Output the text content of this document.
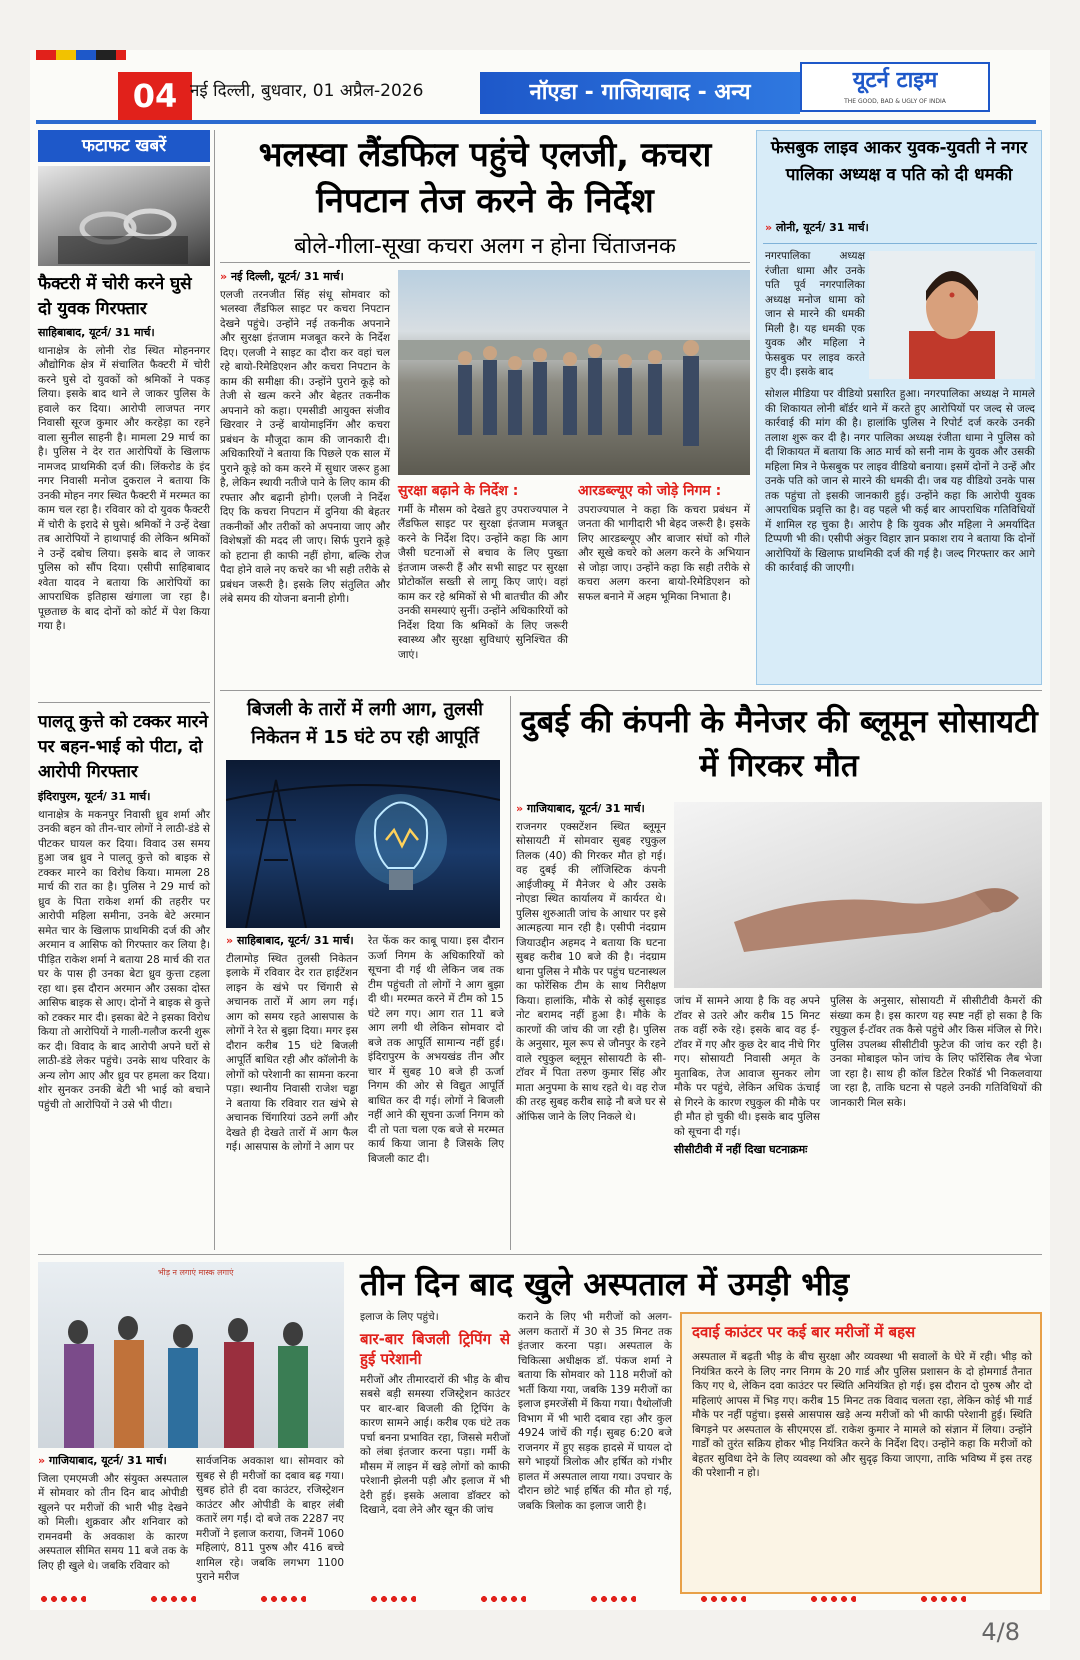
04 नई दिल्ली, बुधवार, 01 अप्रैल-2026	नॉएडा - गाजियाबाद - अन्य	यूटर्न टाइम
THE GOOD, BAD & UGLY OF INDIA
फटाफट खबरें
फैक्टरी में चोरी करने घुसे दो युवक गिरफ्तार
साहिबाबाद, यूटर्न/ 31 मार्च।

थानाक्षेत्र के लोनी रोड स्थित मोहननगर औद्योगिक क्षेत्र में संचालित फैक्टरी में चोरी करने घुसे दो युवकों को श्रमिकों ने पकड़ लिया। इसके बाद थाने ले जाकर पुलिस के हवाले कर दिया। आरोपी लाजपत नगर निवासी सूरज कुमार और करहेड़ा का रहने वाला सुनील साहनी है। मामला 29 मार्च का है। पुलिस ने देर रात आरोपियों के खिलाफ नामजद प्राथमिकी दर्ज की। लिंकरोड के इंद नगर निवासी मनोज दुकराल ने बताया कि उनकी मोहन नगर स्थित फैक्टरी में मरम्मत का काम चल रहा है। रविवार को दो युवक फैक्टरी में चोरी के इरादे से घुसे। श्रमिकों ने उन्हें देखा तब आरोपियों ने हाथापाई की लेकिन श्रमिकों ने उन्हें दबोच लिया। इसके बाद ले जाकर पुलिस को सौंप दिया। एसीपी साहिबाबाद श्वेता यादव ने बताया कि आरोपियों का आपराधिक इतिहास खंगाला जा रहा है। पूछताछ के बाद दोनों को कोर्ट में पेश किया गया है।

पालतू कुत्ते को टक्कर मारने पर बहन-भाई को पीटा, दो आरोपी गिरफ्तार
इंदिरापुरम, यूटर्न/ 31 मार्च।

थानाक्षेत्र के मकनपुर निवासी ध्रुव शर्मा और उनकी बहन को तीन-चार लोगों ने लाठी-डंडे से पीटकर घायल कर दिया। विवाद उस समय हुआ जब ध्रुव ने पालतू कुत्ते को बाइक से टक्कर मारने का विरोध किया। मामला 28 मार्च की रात का है। पुलिस ने 29 मार्च को ध्रुव के पिता राकेश शर्मा की तहरीर पर आरोपी महिला समीना, उनके बेटे अरमान समेत चार के खिलाफ प्राथमिकी दर्ज की और अरमान व आसिफ को गिरफ्तार कर लिया है। पीड़ित राकेश शर्मा ने बताया 28 मार्च की रात घर के पास ही उनका बेटा ध्रुव कुत्ता टहला रहा था। इस दौरान अरमान और उसका दोस्त आसिफ बाइक से आए। दोनों ने बाइक से कुत्ते को टक्कर मार दी। इसका बेटे ने इसका विरोध किया तो आरोपियों ने गाली-गलौज करनी शुरू कर दी। विवाद के बाद आरोपी अपने घरों से लाठी-डंडे लेकर पहुंचे। उनके साथ परिवार के अन्य लोग आए और ध्रुव पर हमला कर दिया। शोर सुनकर उनकी बेटी भी भाई को बचाने पहुंची तो आरोपियों ने उसे भी पीटा।

भलस्वा लैंडफिल पहुंचे एलजी, कचरा निपटान तेज करने के निर्देश
बोले-गीला-सूखा कचरा अलग न होना चिंताजनक
» नई दिल्ली, यूटर्न/ 31 मार्च।

एलजी तरनजीत सिंह संधू सोमवार को भलस्वा लैंडफिल साइट पर कचरा निपटान देखने पहुंचे। उन्होंने नई तकनीक अपनाने और सुरक्षा इंतजाम मजबूत करने के निर्देश दिए। एलजी ने साइट का दौरा कर वहां चल रहे बायो-रिमेडिएशन और कचरा निपटान के काम की समीक्षा की। उन्होंने पुराने कूड़े को तेजी से खत्म करने और बेहतर तकनीक अपनाने को कहा। एमसीडी आयुक्त संजीव खिरवार ने उन्हें बायोमाइनिंग और कचरा प्रबंधन के मौजूदा काम की जानकारी दी। अधिकारियों ने बताया कि पिछले एक साल में पुराने कूड़े को कम करने में सुधार जरूर हुआ है, लेकिन स्थायी नतीजे पाने के लिए काम की रफ्तार और बढ़ानी होगी। एलजी ने निर्देश दिए कि कचरा निपटान में दुनिया की बेहतर तकनीकों और तरीकों को अपनाया जाए और विशेषज्ञों की मदद ली जाए। सिर्फ पुराने कूड़े को हटाना ही काफी नहीं होगा, बल्कि रोज पैदा होने वाले नए कचरे का भी सही तरीके से प्रबंधन जरूरी है। इसके लिए संतुलित और लंबे समय की योजना बनानी होगी।

सुरक्षा बढ़ाने के निर्देश :

गर्मी के मौसम को देखते हुए उपराज्यपाल ने लैंडफिल साइट पर सुरक्षा इंतजाम मजबूत करने के निर्देश दिए। उन्होंने कहा कि आग जैसी घटनाओं से बचाव के लिए पुख्ता इंतजाम जरूरी हैं और सभी साइट पर सुरक्षा प्रोटोकॉल सख्ती से लागू किए जाएं। वहां काम कर रहे श्रमिकों से भी बातचीत की और उनकी समस्याएं सुनीं। उन्होंने अधिकारियों को निर्देश दिया कि श्रमिकों के लिए जरूरी स्वास्थ्य और सुरक्षा सुविधाएं सुनिश्चित की जाएं।

आरडब्ल्यूए को जोड़े निगम :

उपराज्यपाल ने कहा कि कचरा प्रबंधन में जनता की भागीदारी भी बेहद जरूरी है। इसके लिए आरडब्ल्यूए और बाजार संघों को गीले और सूखे कचरे को अलग करने के अभियान से जोड़ा जाए। उन्होंने कहा कि सही तरीके से कचरा अलग करना बायो-रिमेडिएशन को सफल बनाने में अहम भूमिका निभाता है।

फेसबुक लाइव आकर युवक-युवती ने नगर पालिका अध्यक्ष व पति को दी धमकी
» लोनी, यूटर्न/ 31 मार्च।

नगरपालिका अध्यक्ष रंजीता धामा और उनके पति पूर्व नगरपालिका अध्यक्ष मनोज धामा को जान से मारने की धमकी मिली है। यह धमकी एक युवक और महिला ने फेसबुक पर लाइव करते हुए दी। इसके बाद

सोशल मीडिया पर वीडियो प्रसारित हुआ। नगरपालिका अध्यक्ष ने मामले की शिकायत लोनी बॉर्डर थाने में करते हुए आरोपियों पर जल्द से जल्द कार्रवाई की मांग की है। हालांकि पुलिस ने रिपोर्ट दर्ज करके उनकी तलाश शुरू कर दी है। नगर पालिका अध्यक्ष रंजीता धामा ने पुलिस को दी शिकायत में बताया कि आठ मार्च को सनी नाम के युवक और उसकी महिला मित्र ने फेसबुक पर लाइव वीडियो बनाया। इसमें दोनों ने उन्हें और उनके पति को जान से मारने की धमकी दी। जब यह वीडियो उनके पास तक पहुंचा तो इसकी जानकारी हुई। उन्होंने कहा कि आरोपी युवक आपराधिक प्रवृत्ति का है। वह पहले भी कई बार आपराधिक गतिविधियों में शामिल रह चुका है। आरोप है कि युवक और महिला ने अमर्यादित टिप्पणी भी की। एसीपी अंकुर विहार ज्ञान प्रकाश राय ने बताया कि दोनों आरोपियों के खिलाफ प्राथमिकी दर्ज की गई है। जल्द गिरफ्तार कर आगे की कार्रवाई की जाएगी।

बिजली के तारों में लगी आग, तुलसी निकेतन में 15 घंटे ठप रही आपूर्ति
» साहिबाबाद, यूटर्न/ 31 मार्च।

टीलामोड़ स्थित तुलसी निकेतन इलाके में रविवार देर रात हाईटेंशन लाइन के खंभे पर चिंगारी से अचानक तारों में आग लग गई। आग को समय रहते आसपास के लोगों ने रेत से बुझा दिया। मगर इस दौरान करीब 15 घंटे बिजली आपूर्ति बाधित रही और कॉलोनी के लोगों को परेशानी का सामना करना पड़ा। स्थानीय निवासी राजेश चड्ढा ने बताया कि रविवार रात खंभे से अचानक चिंगारियां उठने लगीं और देखते ही देखते तारों में आग फैल गई। आसपास के लोगों ने आग पर

रेत फेंक कर काबू पाया। इस दौरान ऊर्जा निगम के अधिकारियों को सूचना दी गई थी लेकिन जब तक टीम पहुंचती तो लोगों ने आग बुझा दी थी। मरम्मत करने में टीम को 15 घंटे लग गए। आग रात 11 बजे आग लगी थी लेकिन सोमवार दो बजे तक आपूर्ति सामान्य नहीं हुई। इंदिरापुरम के अभयखंड तीन और चार में सुबह 10 बजे ही ऊर्जा निगम की ओर से विद्युत आपूर्ति बाधित कर दी गई। लोगों ने बिजली नहीं आने की सूचना ऊर्जा निगम को दी तो पता चला एक बजे से मरम्मत कार्य किया जाना है जिसके लिए बिजली काट दी।

दुबई की कंपनी के मैनेजर की ब्लूमून सोसायटी में गिरकर मौत
» गाजियाबाद, यूटर्न/ 31 मार्च।

राजनगर एक्सटेंशन स्थित ब्लूमून सोसायटी में सोमवार सुबह रघुकुल तिलक (40) की गिरकर मौत हो गई। वह दुबई की लॉजिस्टिक कंपनी आईजीक्यू में मैनेजर थे और उसके नोएडा स्थित कार्यालय में कार्यरत थे। पुलिस शुरुआती जांच के आधार पर इसे आत्महत्या मान रही है। एसीपी नंदग्राम जियाउद्दीन अहमद ने बताया कि घटना सुबह करीब 10 बजे की है। नंदग्राम थाना पुलिस ने मौके पर पहुंच घटनास्थल का फोरेंसिक टीम के साथ निरीक्षण किया। हालांकि, मौके से कोई सुसाइड नोट बरामद नहीं हुआ है। मौके के कारणों की जांच की जा रही है। पुलिस के अनुसार, मूल रूप से जौनपुर के रहने वाले रघुकुल ब्लूमून सोसायटी के सी-टॉवर में पिता तरुण कुमार सिंह और माता अनुपमा के साथ रहते थे। वह रोज की तरह सुबह करीब साढ़े नौ बजे घर से ऑफिस जाने के लिए निकले थे।

जांच में सामने आया है कि वह अपने टॉवर से उतरे और करीब 15 मिनट तक वहीं रुके रहे। इसके बाद वह ई-टॉवर में गए और कुछ देर बाद नीचे गिर गए। सोसायटी निवासी अमृत के मुताबिक, तेज आवाज सुनकर लोग मौके पर पहुंचे, लेकिन अधिक ऊंचाई से गिरने के कारण रघुकुल की मौके पर ही मौत हो चुकी थी। इसके बाद पुलिस को सूचना दी गई।

सीसीटीवी में नहीं दिखा घटनाक्रमः

पुलिस के अनुसार, सोसायटी में सीसीटीवी कैमरों की संख्या कम है। इस कारण यह स्पष्ट नहीं हो सका है कि रघुकुल ई-टॉवर तक कैसे पहुंचे और किस मंजिल से गिरे। पुलिस उपलब्ध सीसीटीवी फुटेज की जांच कर रही है। उनका मोबाइल फोन जांच के लिए फॉरेंसिक लैब भेजा जा रहा है। साथ ही कॉल डिटेल रिकॉर्ड भी निकलवाया जा रहा है, ताकि घटना से पहले उनकी गतिविधियों की जानकारी मिल सके।

भीड़ न लगाएं मास्क लगाएं	तीन दिन बाद खुले अस्पताल में उमड़ी भीड़
» गाजियाबाद, यूटर्न/ 31 मार्च।

जिला एमएमजी और संयुक्त अस्पताल में सोमवार को तीन दिन बाद ओपीडी खुलने पर मरीजों की भारी भीड़ देखने को मिली। शुक्रवार और शनिवार को रामनवमी के अवकाश के कारण अस्पताल सीमित समय 11 बजे तक के लिए ही खुले थे। जबकि रविवार को

सार्वजनिक अवकाश था। सोमवार को सुबह से ही मरीजों का दबाव बढ़ गया। सुबह होते ही दवा काउंटर, रजिस्ट्रेशन काउंटर और ओपीडी के बाहर लंबी कतारें लग गईं। दो बजे तक 2287 नए मरीजों ने इलाज कराया, जिनमें 1060 महिलाएं, 811 पुरुष और 416 बच्चे शामिल रहे। जबकि लगभग 1100 पुराने मरीज

इलाज के लिए पहुंचे।

बार-बार बिजली ट्रिपिंग से हुई परेशानी

मरीजों और तीमारदारों की भीड़ के बीच सबसे बड़ी समस्या रजिस्ट्रेशन काउंटर पर बार-बार बिजली की ट्रिपिंग के कारण सामने आई। करीब एक घंटे तक पर्चा बनना प्रभावित रहा, जिससे मरीजों को लंबा इंतजार करना पड़ा। गर्मी के मौसम में लाइन में खड़े लोगों को काफी परेशानी झेलनी पड़ी और इलाज में भी देरी हुई। इसके अलावा डॉक्टर को दिखाने, दवा लेने और खून की जांच

कराने के लिए भी मरीजों को अलग-अलग कतारों में 30 से 35 मिनट तक इंतजार करना पड़ा। अस्पताल के चिकित्सा अधीक्षक डॉ. पंकज शर्मा ने बताया कि सोमवार को 118 मरीजों को भर्ती किया गया, जबकि 139 मरीजों का इलाज इमरजेंसी में किया गया। पैथोलॉजी विभाग में भी भारी दबाव रहा और कुल 4924 जांचें की गईं। सुबह 6:20 बजे राजनगर में हुए सड़क हादसे में घायल दो सगे भाइयों त्रिलोक और हर्षित को गंभीर हालत में अस्पताल लाया गया। उपचार के दौरान छोटे भाई हर्षित की मौत हो गई, जबकि त्रिलोक का इलाज जारी है।

दवाई काउंटर पर कई बार मरीजों में बहस

अस्पताल में बढ़ती भीड़ के बीच सुरक्षा और व्यवस्था भी सवालों के घेरे में रही। भीड़ को नियंत्रित करने के लिए नगर निगम के 20 गार्ड और पुलिस प्रशासन के दो होमगार्ड तैनात किए गए थे, लेकिन दवा काउंटर पर स्थिति अनियंत्रित हो गई। इस दौरान दो पुरुष और दो महिलाएं आपस में भिड़ गए। करीब 15 मिनट तक विवाद चलता रहा, लेकिन कोई भी गार्ड मौके पर नहीं पहुंचा। इससे आसपास खड़े अन्य मरीजों को भी काफी परेशानी हुई। स्थिति बिगड़ने पर अस्पताल के सीएमएस डॉ. राकेश कुमार ने मामले को संज्ञान में लिया। उन्होंने गार्डों को तुरंत सक्रिय होकर भीड़ नियंत्रित करने के निर्देश दिए। उन्होंने कहा कि मरीजों को बेहतर सुविधा देने के लिए व्यवस्था को और सुदृढ़ किया जाएगा, ताकि भविष्य में इस तरह की परेशानी न हो।

4/8
